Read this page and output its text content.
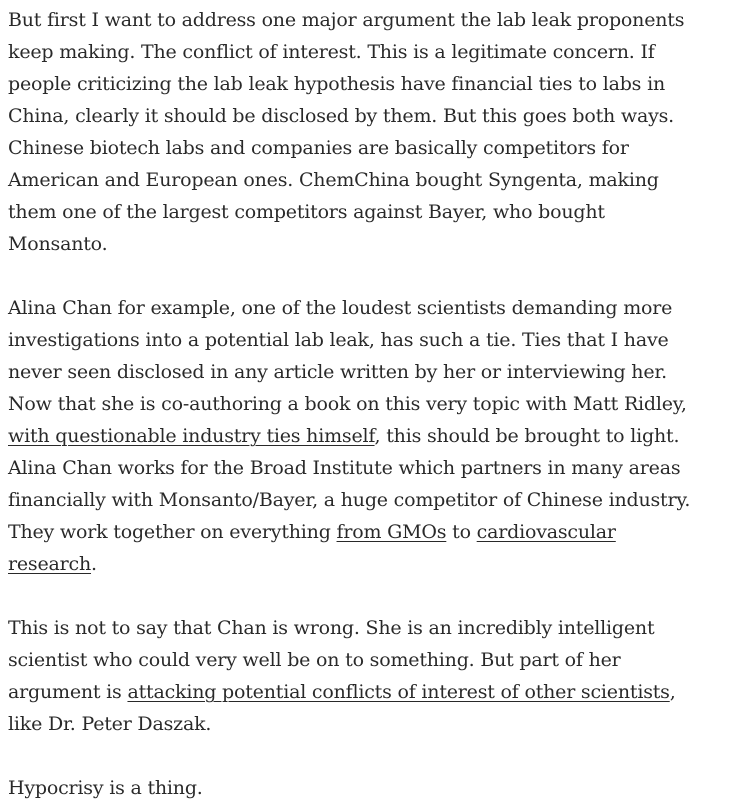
But first I want to address one major argument the lab leak proponents keep making. The conflict of interest. This is a legitimate concern. If people criticizing the lab leak hypothesis have financial ties to labs in China, clearly it should be disclosed by them. But this goes both ways. Chinese biotech labs and companies are basically competitors for American and European ones. ChemChina bought Syngenta, making them one of the largest competitors against Bayer, who bought Monsanto.

Alina Chan for example, one of the loudest scientists demanding more investigations into a potential lab leak, has such a tie. Ties that I have never seen disclosed in any article written by her or interviewing her. Now that she is co-authoring a book on this very topic with Matt Ridley, with questionable industry ties himself, this should be brought to light. Alina Chan works for the Broad Institute which partners in many areas financially with Monsanto/Bayer, a huge competitor of Chinese industry. They work together on everything from GMOs to cardiovascular research.

This is not to say that Chan is wrong. She is an incredibly intelligent scientist who could very well be on to something. But part of her argument is attacking potential conflicts of interest of other scientists, like Dr. Peter Daszak.

Hypocrisy is a thing.
